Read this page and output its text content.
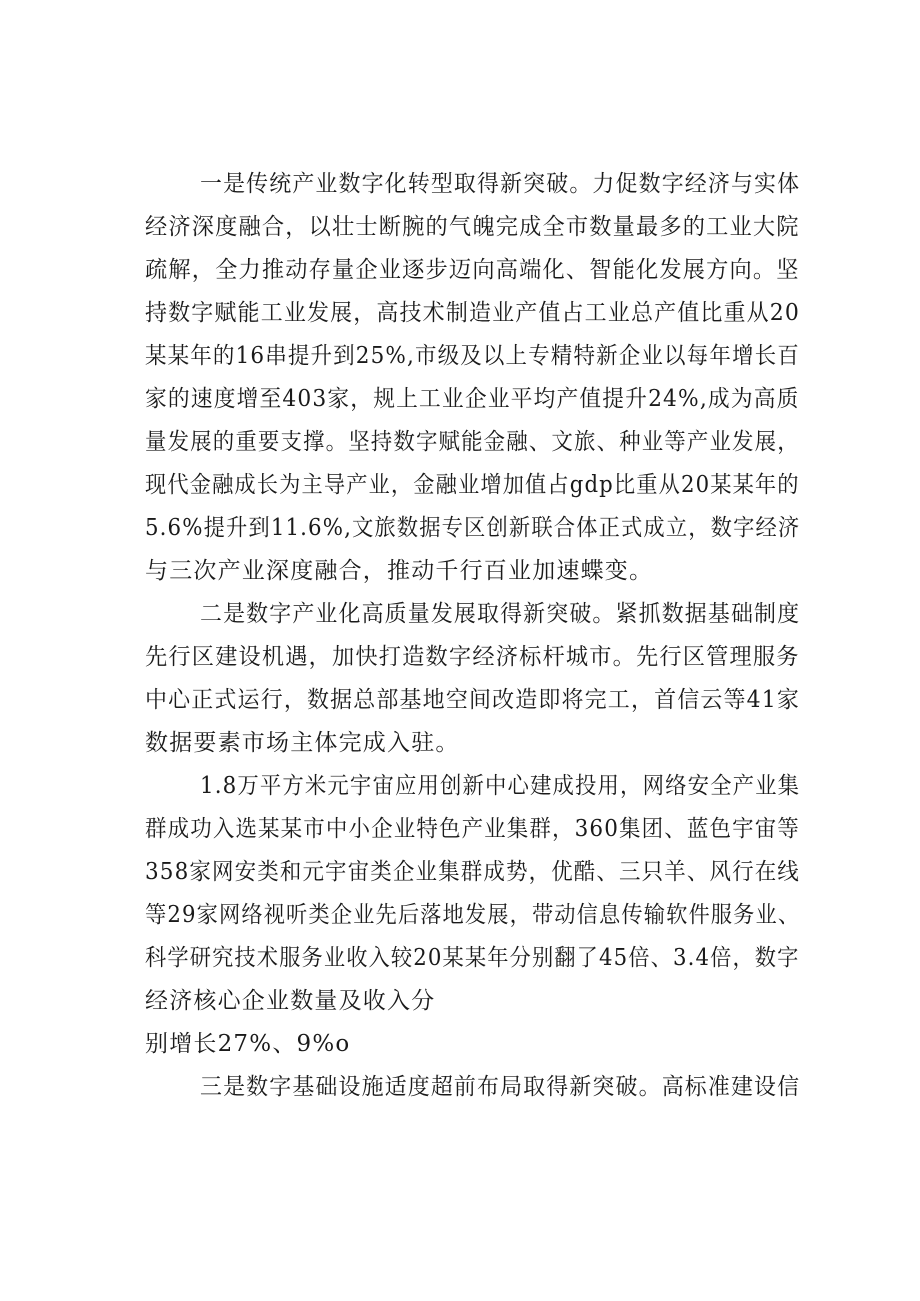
一是传统产业数字化转型取得新突破。力促数字经济与实体
经济深度融合，以壮士断腕的气魄完成全市数量最多的工业大院
疏解，全力推动存量企业逐步迈向高端化、智能化发展方向。坚
持数字赋能工业发展，高技术制造业产值占工业总产值比重从20
某某年的16串提升到25%,市级及以上专精特新企业以每年增长百
家的速度增至403家，规上工业企业平均产值提升24%,成为高质
量发展的重要支撑。坚持数字赋能金融、文旅、种业等产业发展，
现代金融成长为主导产业，金融业增加值占gdp比重从20某某年的
5.6%提升到11.6%,文旅数据专区创新联合体正式成立，数字经济
与三次产业深度融合，推动千行百业加速蝶变。
二是数字产业化高质量发展取得新突破。紧抓数据基础制度
先行区建设机遇，加快打造数字经济标杆城市。先行区管理服务
中心正式运行，数据总部基地空间改造即将完工，首信云等41家
数据要素市场主体完成入驻。
1.8万平方米元宇宙应用创新中心建成投用，网络安全产业集
群成功入选某某市中小企业特色产业集群，360集团、蓝色宇宙等
358家网安类和元宇宙类企业集群成势，优酷、三只羊、风行在线
等29家网络视听类企业先后落地发展，带动信息传输软件服务业、
科学研究技术服务业收入较20某某年分别翻了45倍、3.4倍，数字
经济核心企业数量及收入分
别增长27%、9%o
三是数字基础设施适度超前布局取得新突破。高标准建设信
